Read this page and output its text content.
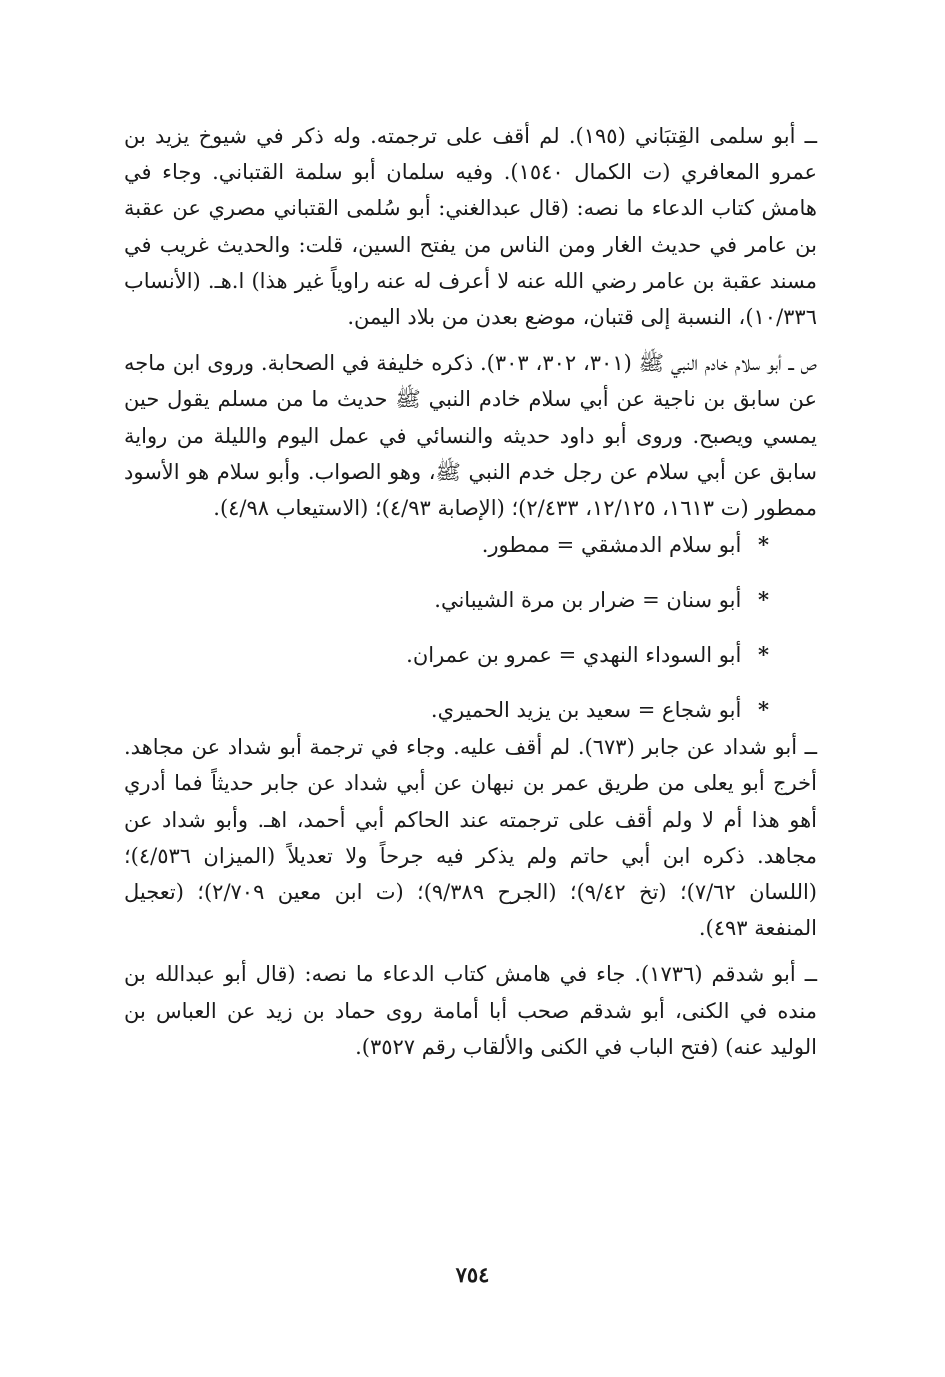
ــ أبو سلمى القِتبَاني (١٩٥). لم أقف على ترجمته. وله ذكر في شيوخ يزيد بن عمرو المعافري (ت الكمال ١٥٤٠). وفيه سلمان أبو سلمة القتباني. وجاء في هامش كتاب الدعاء ما نصه: (قال عبدالغني: أبو سُلمى القتباني مصري عن عقبة بن عامر في حديث الغار ومن الناس من يفتح السين، قلت: والحديث غريب في مسند عقبة بن عامر رضي الله عنه لا أعرف له عنه راوياً غير هذا) ا.هـ. (الأنساب ١٠/٣٣٦)، النسبة إلى قتبان، موضع بعدن من بلاد اليمن.

ص ــ أبو سلام خادم النبي ﷺ (٣٠١، ٣٠٢، ٣٠٣). ذكره خليفة في الصحابة. وروى ابن ماجه عن سابق بن ناجية عن أبي سلام خادم النبي ﷺ حديث ما من مسلم يقول حين يمسي ويصبح. وروى أبو داود حديثه والنسائي في عمل اليوم والليلة من رواية سابق عن أبي سلام عن رجل خدم النبي ﷺ، وهو الصواب. وأبو سلام هو الأسود ممطور (ت ١٦١٣، ١٢/١٢٥، ٢/٤٣٣)؛ (الإصابة ٤/٩٣)؛ (الاستيعاب ٤/٩٨).

* أبو سلام الدمشقي = ممطور.
* أبو سنان = ضرار بن مرة الشيباني.
* أبو السوداء النهدي = عمرو بن عمران.
* أبو شجاع = سعيد بن يزيد الحميري.

ــ أبو شداد عن جابر (٦٧٣). لم أقف عليه. وجاء في ترجمة أبو شداد عن مجاهد. أخرج أبو يعلى من طريق عمر بن نبهان عن أبي شداد عن جابر حديثاً فما أدري أهو هذا أم لا ولم أقف على ترجمته عند الحاكم أبي أحمد، اهـ. وأبو شداد عن مجاهد. ذكره ابن أبي حاتم ولم يذكر فيه جرحاً ولا تعديلاً (الميزان ٤/٥٣٦)؛ (اللسان ٧/٦٢)؛ (تخ ٩/٤٢)؛ (الجرح ٩/٣٨٩)؛ (ت ابن معين ٢/٧٠٩)؛ (تعجيل المنفعة ٤٩٣).

ــ أبو شدقم (١٧٣٦). جاء في هامش كتاب الدعاء ما نصه: (قال أبو عبدالله بن منده في الكنى، أبو شدقم صحب أبا أمامة روى حماد بن زيد عن العباس بن الوليد عنه) (فتح الباب في الكنى والألقاب رقم ٣٥٢٧).

٧٥٤
